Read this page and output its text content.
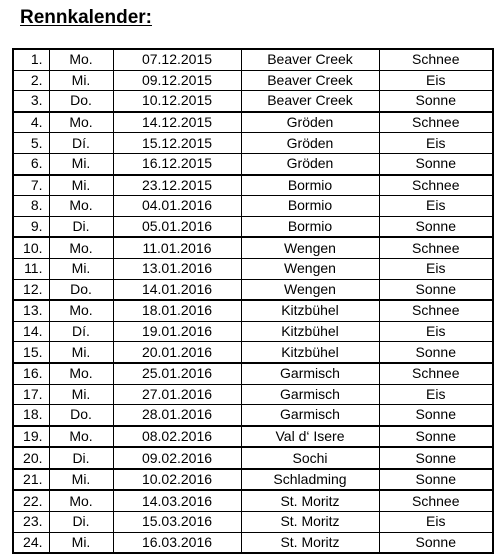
Rennkalender:
1.	Mo.	07.12.2015	Beaver Creek	Schnee
2.	Mi.	09.12.2015	Beaver Creek	Eis
3.	Do.	10.12.2015	Beaver Creek	Sonne
4.	Mo.	14.12.2015	Gröden	Schnee
5.	Dí.	15.12.2015	Gröden	Eis
6.	Mi.	16.12.2015	Gröden	Sonne
7.	Mi.	23.12.2015	Bormio	Schnee
8.	Mo.	04.01.2016	Bormio	Eis
9.	Di.	05.01.2016	Bormio	Sonne
10.	Mo.	11.01.2016	Wengen	Schnee
11.	Mi.	13.01.2016	Wengen	Eis
12.	Do.	14.01.2016	Wengen	Sonne
13.	Mo.	18.01.2016	Kitzbühel	Schnee
14.	Dí.	19.01.2016	Kitzbühel	Eis
15.	Mi.	20.01.2016	Kitzbühel	Sonne
16.	Mo.	25.01.2016	Garmisch	Schnee
17.	Mi.	27.01.2016	Garmisch	Eis
18.	Do.	28.01.2016	Garmisch	Sonne
19.	Mo.	08.02.2016	Val d‘ Isere	Sonne
20.	Di.	09.02.2016	Sochi	Sonne
21.	Mi.	10.02.2016	Schladming	Sonne
22.	Mo.	14.03.2016	St. Moritz	Schnee
23.	Di.	15.03.2016	St. Moritz	Eis
24.	Mi.	16.03.2016	St. Moritz	Sonne
